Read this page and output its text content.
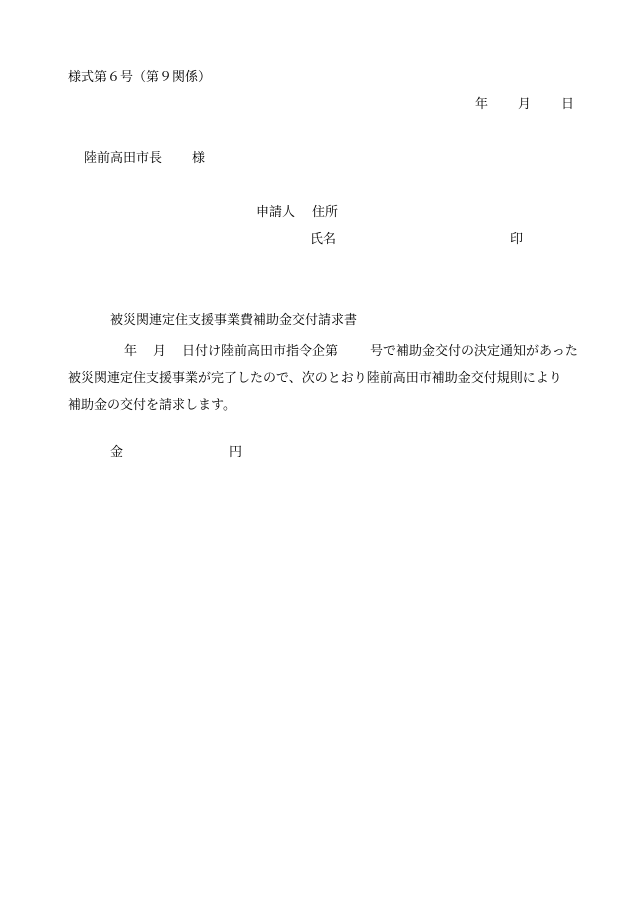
様式第６号（第９関係）
年 月 日
陸前高田市長 様
申請人 住所
氏名	印
被災関連定住支援事業費補助金交付請求書
年 月 日付け陸前高田市指令企第 号で補助金交付の決定通知があった
被災関連定住支援事業が完了したので、次のとおり陸前高田市補助金交付規則により
補助金の交付を請求します。
金	円
